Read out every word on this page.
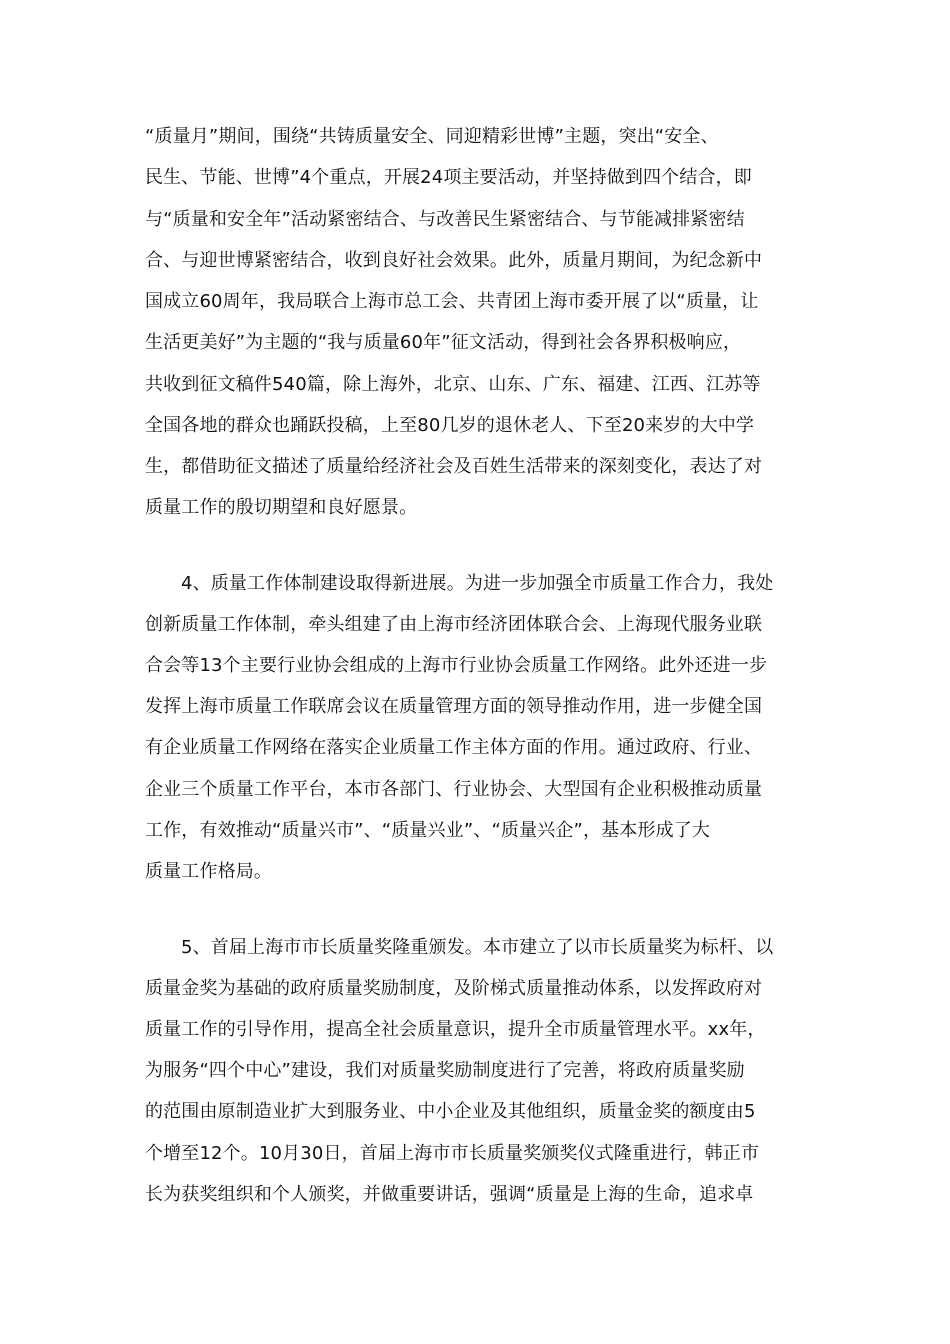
“质量月”期间，围绕“共铸质量安全、同迎精彩世博”主题，突出“安全、
民生、节能、世博”4个重点，开展24项主要活动，并坚持做到四个结合，即
与“质量和安全年”活动紧密结合、与改善民生紧密结合、与节能减排紧密结
合、与迎世博紧密结合，收到良好社会效果。此外，质量月期间，为纪念新中
国成立60周年，我局联合上海市总工会、共青团上海市委开展了以“质量，让
生活更美好”为主题的“我与质量60年”征文活动，得到社会各界积极响应，
共收到征文稿件540篇，除上海外，北京、山东、广东、福建、江西、江苏等
全国各地的群众也踊跃投稿，上至80几岁的退休老人、下至20来岁的大中学
生，都借助征文描述了质量给经济社会及百姓生活带来的深刻变化，表达了对
质量工作的殷切期望和良好愿景。
4、质量工作体制建设取得新进展。为进一步加强全市质量工作合力，我处
创新质量工作体制，牵头组建了由上海市经济团体联合会、上海现代服务业联
合会等13个主要行业协会组成的上海市行业协会质量工作网络。此外还进一步
发挥上海市质量工作联席会议在质量管理方面的领导推动作用，进一步健全国
有企业质量工作网络在落实企业质量工作主体方面的作用。通过政府、行业、
企业三个质量工作平台，本市各部门、行业协会、大型国有企业积极推动质量
工作，有效推动“质量兴市”、“质量兴业”、“质量兴企”，基本形成了大
质量工作格局。
5、首届上海市市长质量奖隆重颁发。本市建立了以市长质量奖为标杆、以
质量金奖为基础的政府质量奖励制度，及阶梯式质量推动体系，以发挥政府对
质量工作的引导作用，提高全社会质量意识，提升全市质量管理水平。xx年，
为服务“四个中心”建设，我们对质量奖励制度进行了完善，将政府质量奖励
的范围由原制造业扩大到服务业、中小企业及其他组织，质量金奖的额度由5
个增至12个。10月30日，首届上海市市长质量奖颁奖仪式隆重进行，韩正市
长为获奖组织和个人颁奖，并做重要讲话，强调“质量是上海的生命，追求卓
